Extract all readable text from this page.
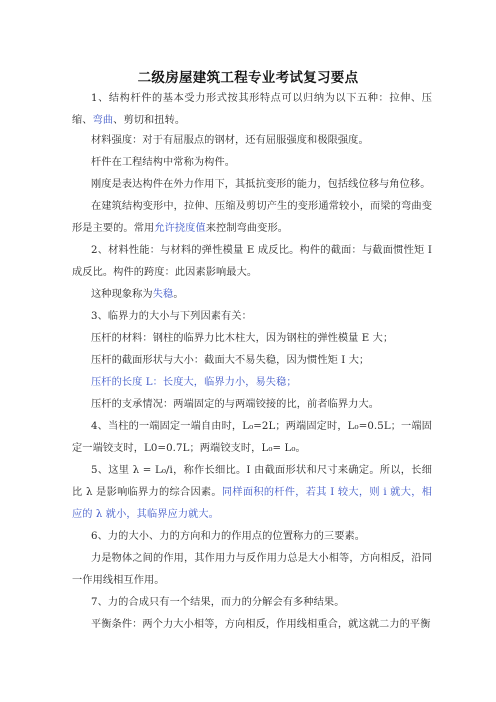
二级房屋建筑工程专业考试复习要点
1、结构杆件的基本受力形式按其形特点可以归纳为以下五种：拉伸、压缩、弯曲、剪切和扭转。
材料强度：对于有屈服点的钢材，还有屈服强度和极限强度。
杆件在工程结构中常称为构件。
刚度是表达构件在外力作用下，其抵抗变形的能力，包括线位移与角位移。
在建筑结构变形中，拉伸、压缩及剪切产生的变形通常较小，而梁的弯曲变形是主要的。常用允许挠度值来控制弯曲变形。
2、材料性能：与材料的弹性模量 E 成反比。构件的截面：与截面惯性矩 I 成反比。构件的跨度：此因素影响最大。
这种现象称为失稳。
3、临界力的大小与下列因素有关：
压杆的材料：钢柱的临界力比木柱大，因为钢柱的弹性模量 E 大；
压杆的截面形状与大小：截面大不易失稳，因为惯性矩 I 大；
压杆的长度 L：长度大，临界力小，易失稳；
压杆的支承情况：两端固定的与两端铰接的比，前者临界力大。
4、当柱的一端固定一端自由时，L₀=2L；两端固定时，L₀=0.5L；一端固定一端铰支时，L0=0.7L；两端铰支时，L₀= L₀。
5、这里 λ = L₀/i，称作长细比。I 由截面形状和尺寸来确定。所以，长细比 λ 是影响临界力的综合因素。同样面积的杆件，若其 I 较大，则 i 就大，相应的 λ 就小，其临界应力就大。
6、力的大小、力的方向和力的作用点的位置称力的三要素。
力是物体之间的作用，其作用力与反作用力总是大小相等，方向相反，沿同一作用线相互作用。
7、力的合成只有一个结果，而力的分解会有多种结果。
平衡条件：两个力大小相等，方向相反，作用线相重合，就这就二力的平衡
